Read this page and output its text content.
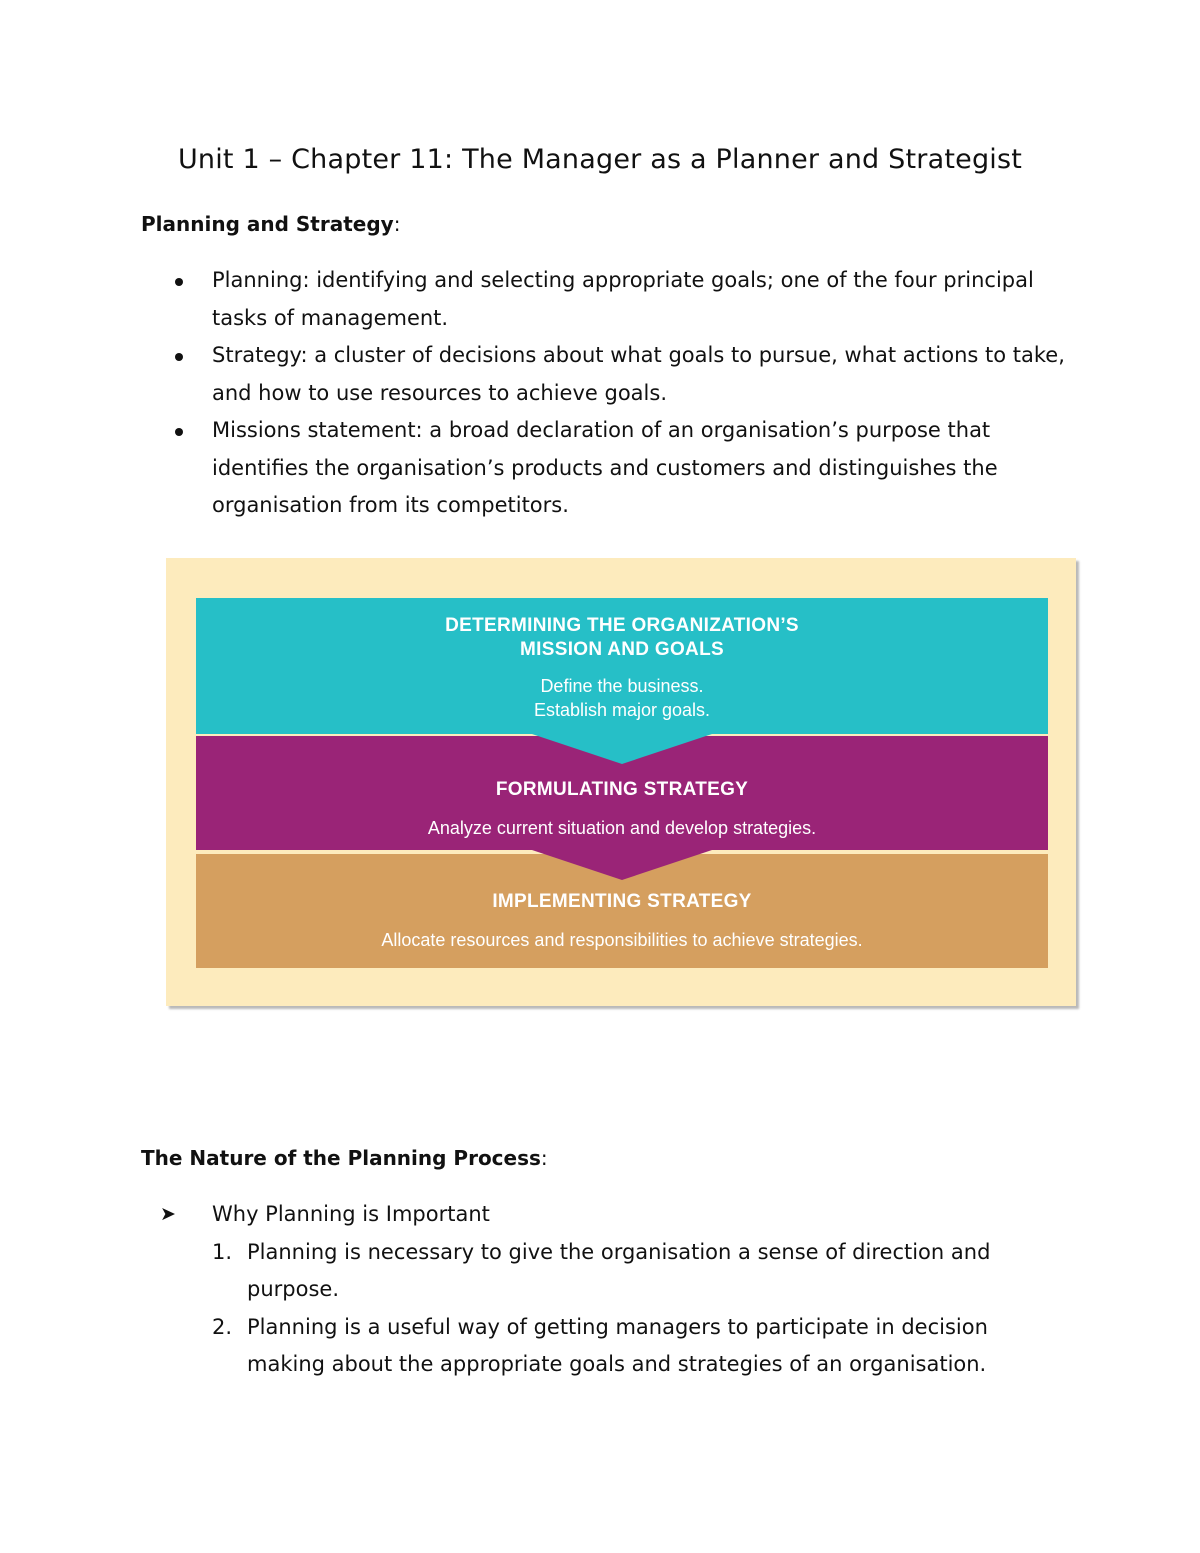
Unit 1 – Chapter 11: The Manager as a Planner and Strategist
Planning and Strategy:
Planning: identifying and selecting appropriate goals; one of the four principal tasks of management.
Strategy: a cluster of decisions about what goals to pursue, what actions to take, and how to use resources to achieve goals.
Missions statement: a broad declaration of an organisation’s purpose that identifies the organisation’s products and customers and distinguishes the organisation from its competitors.
DETERMINING THE ORGANIZATION’S
MISSION AND GOALS
Define the business.
Establish major goals.
FORMULATING STRATEGY
Analyze current situation and develop strategies.
IMPLEMENTING STRATEGY
Allocate resources and responsibilities to achieve strategies.
The Nature of the Planning Process:
➤ Why Planning is Important
1. Planning is necessary to give the organisation a sense of direction and purpose.
2. Planning is a useful way of getting managers to participate in decision making about the appropriate goals and strategies of an organisation.
